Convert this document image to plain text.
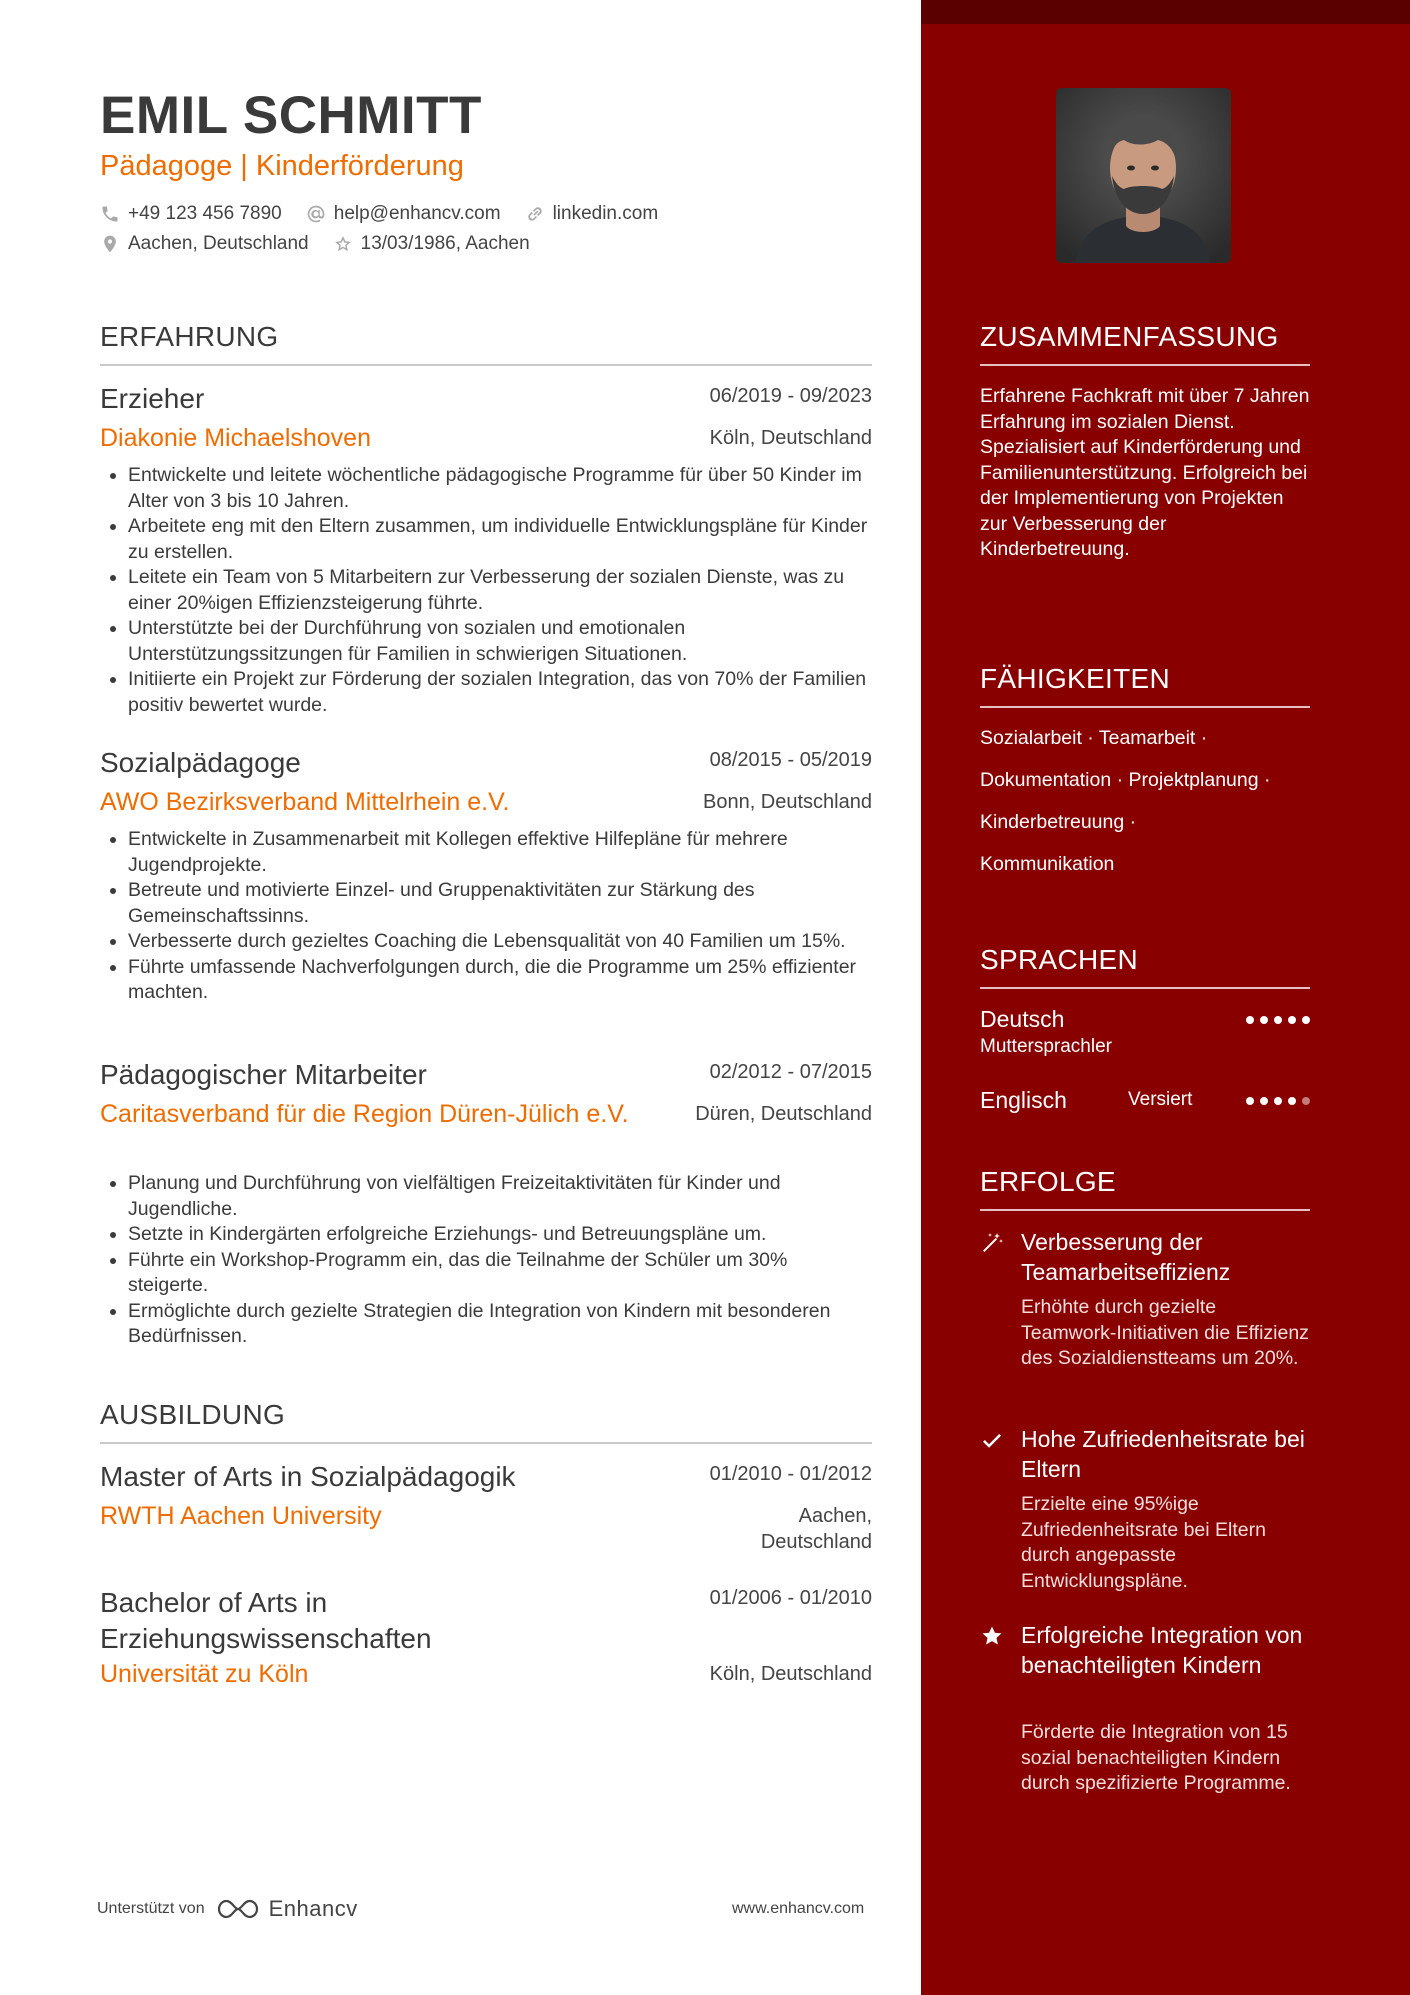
EMIL SCHMITT
Pädagoge | Kinderförderung
+49 123 456 7890	help@enhancv.com	linkedin.com
Aachen, Deutschland	13/03/1986, Aachen
ERFAHRUNG
Erzieher	06/2019 - 09/2023
Diakonie Michaelshoven	Köln, Deutschland
• Entwickelte und leitete wöchentliche pädagogische Programme für über 50 Kinder im Alter von 3 bis 10 Jahren.
• Arbeitete eng mit den Eltern zusammen, um individuelle Entwicklungspläne für Kinder zu erstellen.
• Leitete ein Team von 5 Mitarbeitern zur Verbesserung der sozialen Dienste, was zu einer 20%igen Effizienzsteigerung führte.
• Unterstützte bei der Durchführung von sozialen und emotionalen Unterstützungssitzungen für Familien in schwierigen Situationen.
• Initiierte ein Projekt zur Förderung der sozialen Integration, das von 70% der Familien positiv bewertet wurde.
Sozialpädagoge	08/2015 - 05/2019
AWO Bezirksverband Mittelrhein e.V.	Bonn, Deutschland
• Entwickelte in Zusammenarbeit mit Kollegen effektive Hilfepläne für mehrere Jugendprojekte.
• Betreute und motivierte Einzel- und Gruppenaktivitäten zur Stärkung des Gemeinschaftssinns.
• Verbesserte durch gezieltes Coaching die Lebensqualität von 40 Familien um 15%.
• Führte umfassende Nachverfolgungen durch, die die Programme um 25% effizienter machten.
Pädagogischer Mitarbeiter	02/2012 - 07/2015
Caritasverband für die Region Düren-Jülich e.V.	Düren, Deutschland
• Planung und Durchführung von vielfältigen Freizeitaktivitäten für Kinder und Jugendliche.
• Setzte in Kindergärten erfolgreiche Erziehungs- und Betreuungspläne um.
• Führte ein Workshop-Programm ein, das die Teilnahme der Schüler um 30% steigerte.
• Ermöglichte durch gezielte Strategien die Integration von Kindern mit besonderen Bedürfnissen.
AUSBILDUNG
Master of Arts in Sozialpädagogik	01/2010 - 01/2012
RWTH Aachen University	Aachen,
Deutschland
Bachelor of Arts in
Erziehungswissenschaften
01/2006 - 01/2010
Universität zu Köln	Köln, Deutschland
Unterstützt von	Enhancv	www.enhancv.com
ZUSAMMENFASSUNG
Erfahrene Fachkraft mit über 7 Jahren Erfahrung im sozialen Dienst. Spezialisiert auf Kinderförderung und Familienunterstützung. Erfolgreich bei der Implementierung von Projekten zur Verbesserung der Kinderbetreuung.
FÄHIGKEITEN
Sozialarbeit · Teamarbeit ·
Dokumentation · Projektplanung ·
Kinderbetreuung ·
Kommunikation
SPRACHEN
Deutsch
Muttersprachler
Englisch	Versiert
ERFOLGE
Verbesserung der Teamarbeitseffizienz
Erhöhte durch gezielte Teamwork-Initiativen die Effizienz des Sozialdienstteams um 20%.
Hohe Zufriedenheitsrate bei Eltern
Erzielte eine 95%ige Zufriedenheitsrate bei Eltern durch angepasste Entwicklungspläne.
Erfolgreiche Integration von benachteiligten Kindern
Förderte die Integration von 15 sozial benachteiligten Kindern durch spezifizierte Programme.
